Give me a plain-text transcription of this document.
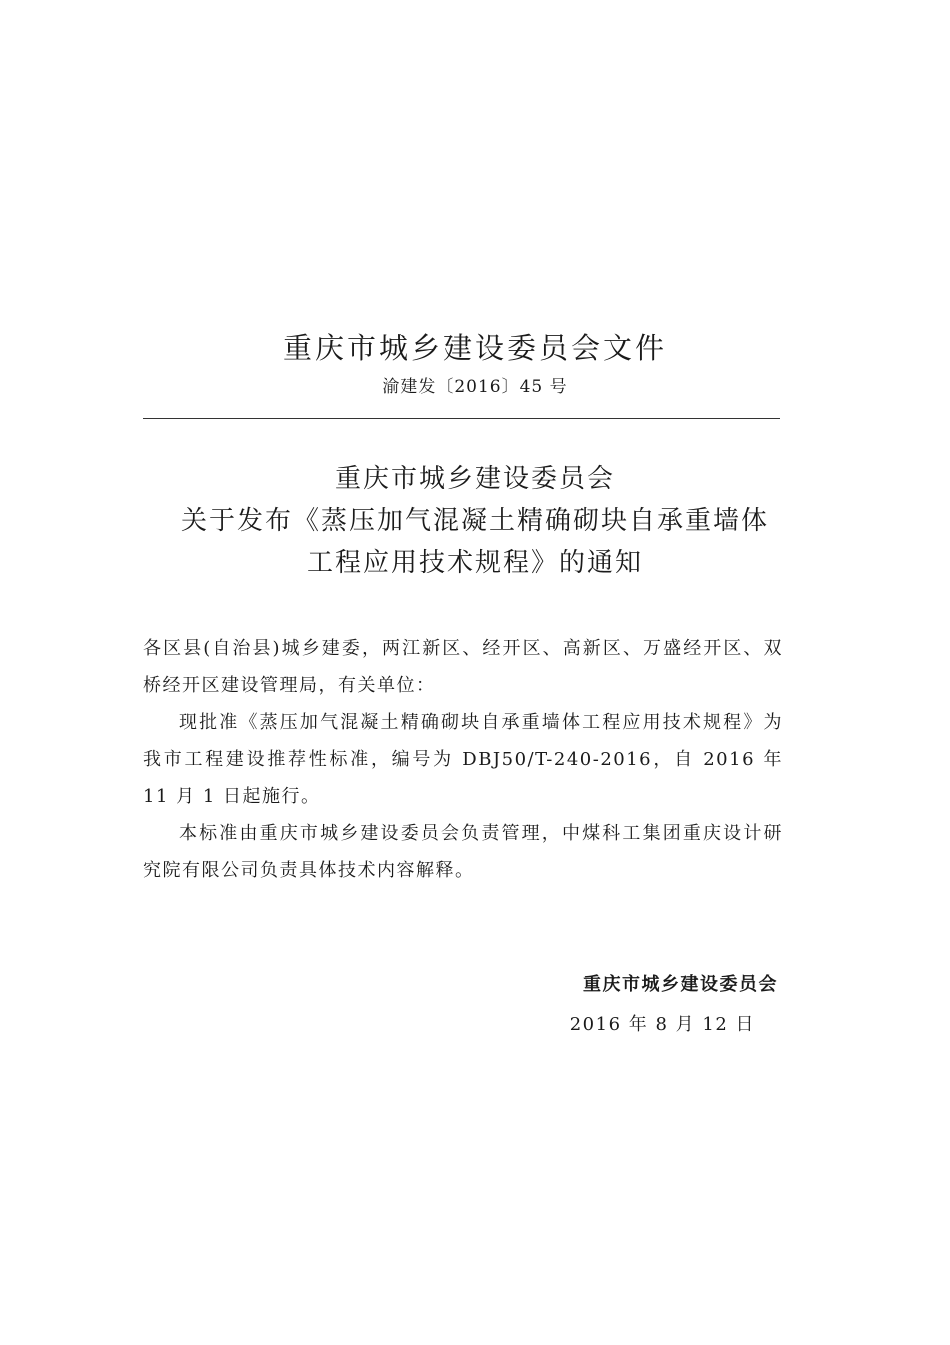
重庆市城乡建设委员会文件
渝建发〔2016〕45 号
重庆市城乡建设委员会
关于发布《蒸压加气混凝土精确砌块自承重墙体
工程应用技术规程》的通知

各区县(自治县)城乡建委，两江新区、经开区、高新区、万盛经开区、双桥经开区建设管理局，有关单位：

现批准《蒸压加气混凝土精确砌块自承重墙体工程应用技术规程》为我市工程建设推荐性标准，编号为 DBJ50/T-240-2016，自 2016 年 11 月 1 日起施行。

本标准由重庆市城乡建设委员会负责管理，中煤科工集团重庆设计研究院有限公司负责具体技术内容解释。

重庆市城乡建设委员会
2016 年 8 月 12 日
